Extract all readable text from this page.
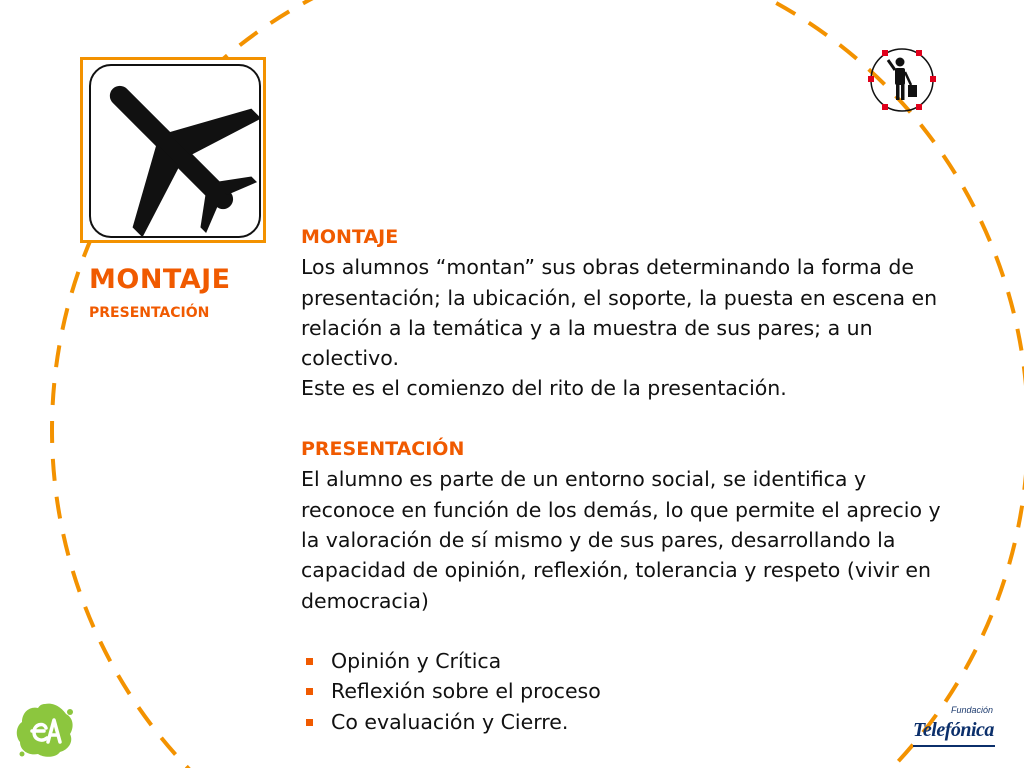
MONTAJE
PRESENTACIÓN
MONTAJE

Los alumnos “montan” sus obras determinando la forma de presentación; la ubicación, el soporte, la puesta en escena en relación a la temática y a la muestra de sus pares; a un colectivo.

Este es el comienzo del rito de la presentación.

PRESENTACIÓN

El alumno es parte de un entorno social, se identifica y reconoce en función de los demás, lo que permite el aprecio y la valoración de sí mismo y de sus pares, desarrollando la capacidad de opinión, reflexión, tolerancia y respeto (vivir en democracia)

Opinión y Crítica
Reflexión sobre el proceso
Co evaluación y Cierre.	Fundación
Telefónica
